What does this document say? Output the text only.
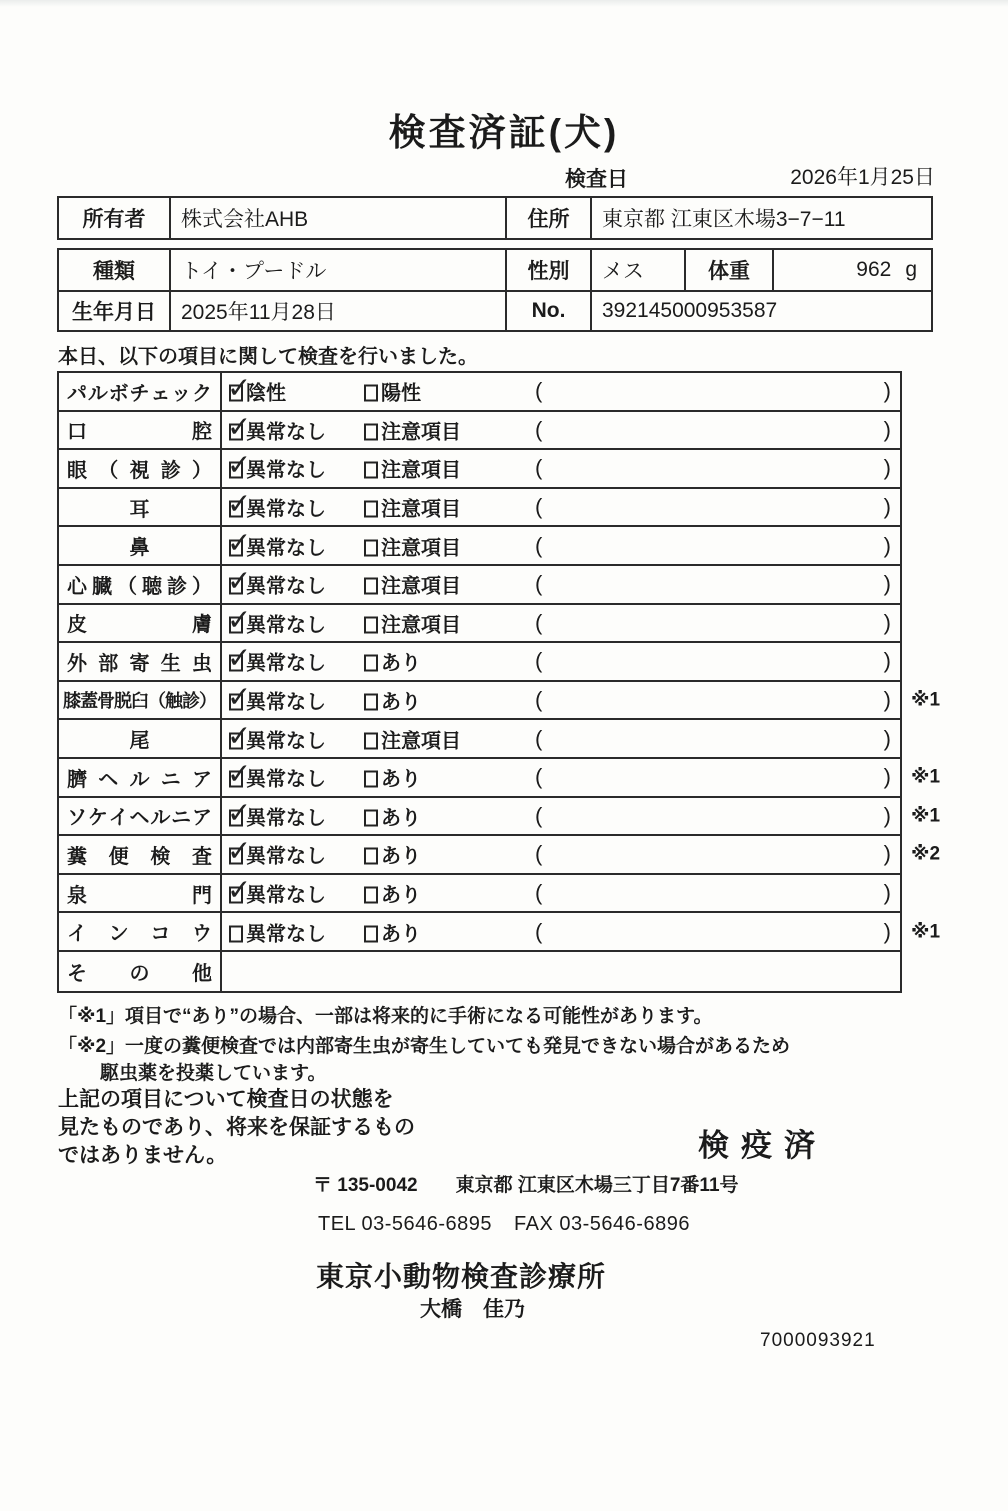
検査済証(犬)
検査日	2026年1月25日
所有者	株式会社AHB	住所	東京都 江東区木場3−7−11
種類	トイ・プードル	性別	メス	体重	962 g
生年月日	2025年11月28日	No.	392145000953587
本日、以下の項目に関して検査を行いました。
パ ル ボ チ ェ ッ ク ✓	陰性	陽性	(	)
口	腔 ✓	異常なし	注意項目	(	)
眼 （ 視 診 ） ✓	異常なし	注意項目	(	)
耳 ✓	異常なし	注意項目	(	)
鼻 ✓	異常なし	注意項目	(	)
心 臓 （ 聴 診 ） ✓	異常なし	注意項目	(	)
皮	膚 ✓	異常なし	注意項目	(	)
外 部 寄 生 虫 ✓	異常なし	あり	(	)
膝蓋骨脱臼（触診） ✓	異常なし	あり	(	) ※1
尾 ✓	異常なし	注意項目	(	)
臍 ヘ ル ニ ア ✓	異常なし	あり	(	) ※1
ソ ケ イ ヘ ル ニ ア ✓	異常なし	あり	(	) ※1
糞 便 検 査 ✓	異常なし	あり	(	) ※2
泉	門 ✓	異常なし	あり	(	)
イ ン コ ウ	異常なし	あり	(	) ※1
そ の 他
「※1」項目で“あり”の場合、一部は将来的に手術になる可能性があります。
「※2」一度の糞便検査では内部寄生虫が寄生していても発見できない場合があるため
駆虫薬を投薬しています。
上記の項目について検査日の状態を
見たものであり、将来を保証するもの
ではありません。	検疫済
〒 135-0042 東京都 江東区木場三丁目7番11号
TEL 03-5646-6895 FAX 03-5646-6896
東京小動物検査診療所
大橋　佳乃
7000093921
